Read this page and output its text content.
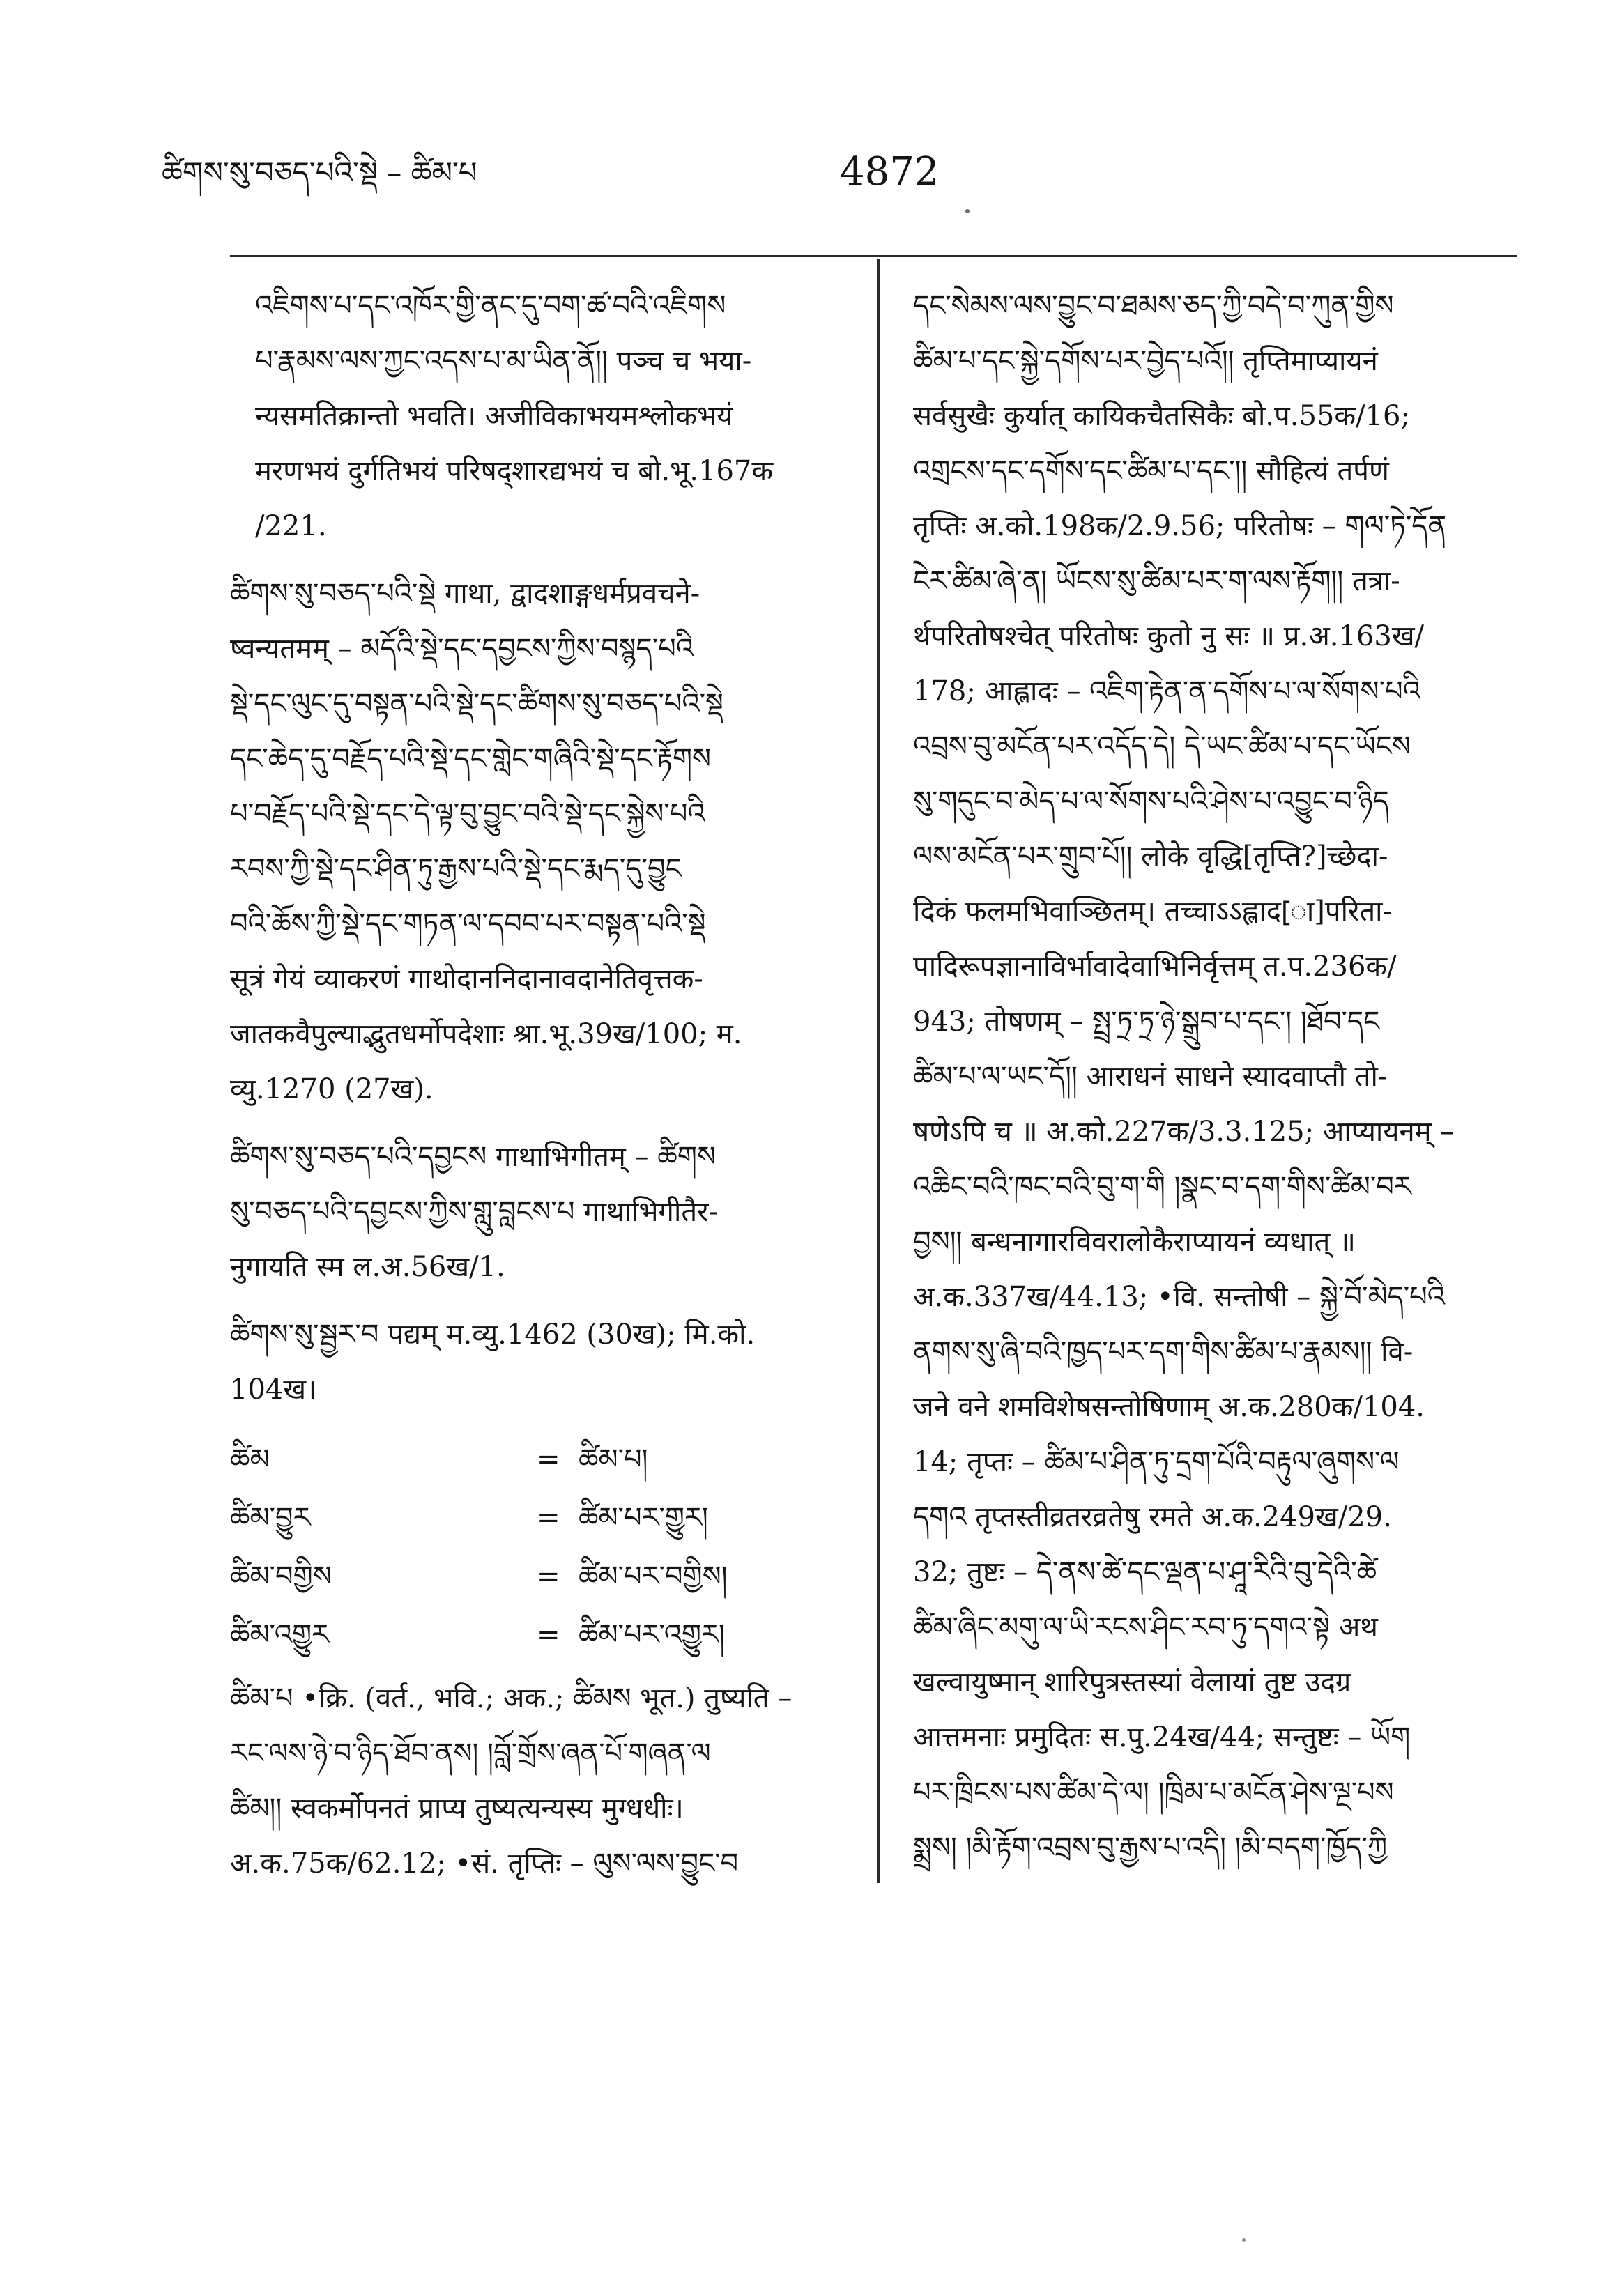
ཚིགས་སུ་བཅད་པའི་སྡེ – ཚིམ་པ	4872
འཇིགས་པ་དང་འཁོར་གྱི་ནང་དུ་བག་ཚ་བའི་འཇིགས
པ་རྣམས་ལས་ཀྱང་འདས་པ་མ་ཡིན་ནོ།། पञ्च च भया-
न्यसमतिक्रान्तो भवति। अजीविकाभयमश्लोकभयं
मरणभयं दुर्गतिभयं परिषद्शारद्यभयं च बो.भू.167क
/221.
ཚིགས་སུ་བཅད་པའི་སྡེ गाथा, द्वादशाङ्गधर्मप्रवचने-
ष्वन्यतमम् – མདོའི་སྡེ་དང་དབྱངས་ཀྱིས་བསྙད་པའི
སྡེ་དང་ལུང་དུ་བསྟན་པའི་སྡེ་དང་ཚིགས་སུ་བཅད་པའི་སྡེ
དང་ཆེད་དུ་བརྗོད་པའི་སྡེ་དང་གླེང་གཞིའི་སྡེ་དང་རྟོགས
པ་བརྗོད་པའི་སྡེ་དང་དེ་ལྟ་བུ་བྱུང་བའི་སྡེ་དང་སྐྱེས་པའི
རབས་ཀྱི་སྡེ་དང་ཤིན་ཏུ་རྒྱས་པའི་སྡེ་དང་རྨད་དུ་བྱུང
བའི་ཆོས་ཀྱི་སྡེ་དང་གཏན་ལ་དབབ་པར་བསྟན་པའི་སྡེ
सूत्रं गेयं व्याकरणं गाथोदाननिदानावदानेतिवृत्तक-
जातकवैपुल्याद्भुतधर्मोपदेशाः श्रा.भू.39ख/100; म.
व्यु.1270 (27ख).
ཚིགས་སུ་བཅད་པའི་དབྱངས गाथाभिगीतम् – ཚིགས
སུ་བཅད་པའི་དབྱངས་ཀྱིས་གླུ་བླངས་པ गाथाभिगीतैर-
नुगायति स्म ल.अ.56ख/1.
ཚིགས་སུ་སྦྱར་བ पद्यम् म.व्यु.1462 (30ख); मि.को.
104ख।
ཚིམ	= ཚིམ་པ།
ཚིམ་བྱུར	= ཚིམ་པར་གྱུར།
ཚིམ་བགྱིས	= ཚིམ་པར་བགྱིས།
ཚིམ་འགྱུར	= ཚིམ་པར་འགྱུར།
ཚིམ་པ •क्रि. (वर्त., भवि.; अक.; ཚིམས भूत.) तुष्यति –
རང་ལས་ཉེ་བ་ཉིད་ཐོབ་ནས། །བློ་གྲོས་ཞན་པོ་གཞན་ལ
ཚིམ།། स्वकर्मोपनतं प्राप्य तुष्यत्यन्यस्य मुग्धधीः।
अ.क.75क/62.12; •सं. तृप्तिः – ལུས་ལས་བྱུང་བ
དང་སེམས་ལས་བྱུང་བ་ཐམས་ཅད་ཀྱི་བདེ་བ་ཀུན་གྱིས
ཚིམ་པ་དང་སྐྱེ་དགོས་པར་བྱེད་པའོ།། तृप्तिमाप्यायनं
सर्वसुखैः कुर्यात् कायिकचैतसिकैः बो.प.55क/16;
འགྲངས་དང་དགོས་དང་ཚིམ་པ་དང་།། सौहित्यं तर्पणं
तृप्तिः अ.को.198क/2.9.56; परितोषः – གལ་ཏེ་དོན
ངེར་ཚིམ་ཞེ་ན། ཡོངས་སུ་ཚིམ་པར་ག་ལས་རྟོག།། तत्रा-
र्थपरितोषश्चेत् परितोषः कुतो नु सः ॥ प्र.अ.163ख/
178; आह्लादः – འཇིག་རྟེན་ན་དགོས་པ་ལ་སོགས་པའི
འབྲས་བུ་མངོན་པར་འདོད་དེ། དེ་ཡང་ཚིམ་པ་དང་ཡོངས
སུ་གདུང་བ་མེད་པ་ལ་སོགས་པའི་ཤེས་པ་འབྱུང་བ་ཉིད
ལས་མངོན་པར་གྲུབ་པོ།། लोके वृद्धि[तृप्ति?]च्छेदा-
दिकं फलमभिवाञ्छितम्। तच्चाऽऽह्लाद[ा]परिता-
पादिरूपज्ञानाविर्भावादेवाभिनिर्वृत्तम् त.प.236क/
943; तोषणम् – སྤྲ་ཏྲ་ཏྲ་ཉེ་སྒྲུབ་པ་དང་། །ཐོབ་དང
ཚིམ་པ་ལ་ཡང་དོ།། आराधनं साधने स्यादवाप्तौ तो-
षणेऽपि च ॥ अ.को.227क/3.3.125; आप्यायनम् –
འཆིང་བའི་ཁང་བའི་བུ་ག་གི །སྣང་བ་དག་གིས་ཚིམ་བར
བྱས།། बन्धनागारविवरालोकैराप्यायनं व्यधात् ॥
अ.क.337ख/44.13; •वि. सन्तोषी – སྐྱེ་བོ་མེད་པའི
ནགས་སུ་ཞི་བའི་ཁྱད་པར་དག་གིས་ཚིམ་པ་རྣམས།། वि-
जने वने शमविशेषसन्तोषिणाम् अ.क.280क/104.
14; तृप्तः – ཚིམ་པ་ཤིན་ཏུ་དྲག་པོའི་བརྟུལ་ཞུགས་ལ
དགའ तृप्तस्तीव्रतरव्रतेषु रमते अ.क.249ख/29.
32; तुष्टः – དེ་ནས་ཚེ་དང་ལྡན་པ་ཤཱ་རིའི་བུ་དེའི་ཚེ
ཚིམ་ཞིང་མགུ་ལ་ཡི་རངས་ཤིང་རབ་ཏུ་དགའ་སྟེ अथ
खल्वायुष्मान् शारिपुत्रस्तस्यां वेलायां तुष्ट उदग्र
आत्तमनाः प्रमुदितः स.पु.24ख/44; सन्तुष्टः – ཡོག
པར་ཁྲིངས་པས་ཚིམ་དེ་ལ། །ཁྲིམ་པ་མངོན་ཤེས་ལྔ་པས
སྨྲས། །མི་རྟོག་འབྲས་བུ་རྒྱས་པ་འདི། །མི་བདག་ཁྱོད་ཀྱི
